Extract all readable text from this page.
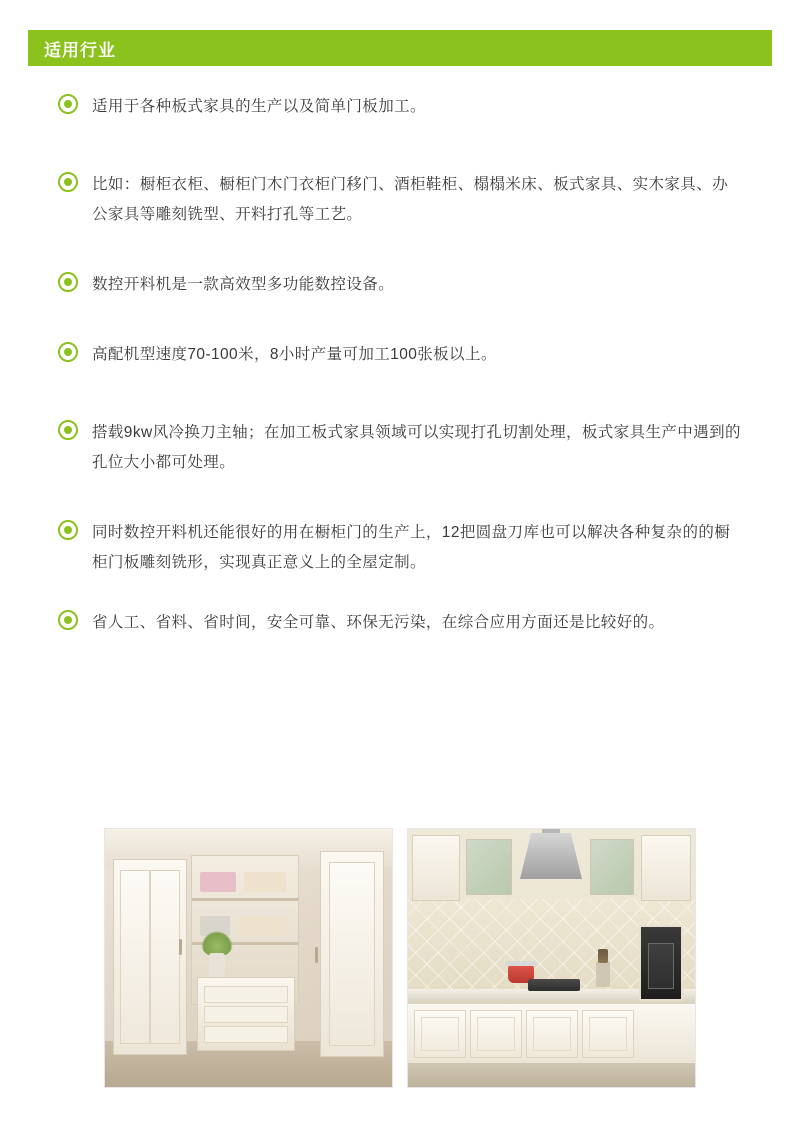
适用行业
适用于各种板式家具的生产以及简单门板加工。
比如：橱柜衣柜、橱柜门木门衣柜门移门、酒柜鞋柜、榻榻米床、板式家具、实木家具、办公家具等雕刻铣型、开料打孔等工艺。
数控开料机是一款高效型多功能数控设备。
高配机型速度70-100米，8小时产量可加工100张板以上。
搭载9kw风冷换刀主轴；在加工板式家具领域可以实现打孔切割处理，板式家具生产中遇到的孔位大小都可处理。
同时数控开料机还能很好的用在橱柜门的生产上，12把圆盘刀库也可以解决各种复杂的的橱柜门板雕刻铣形，实现真正意义上的全屋定制。
省人工、省料、省时间，安全可靠、环保无污染，在综合应用方面还是比较好的。
